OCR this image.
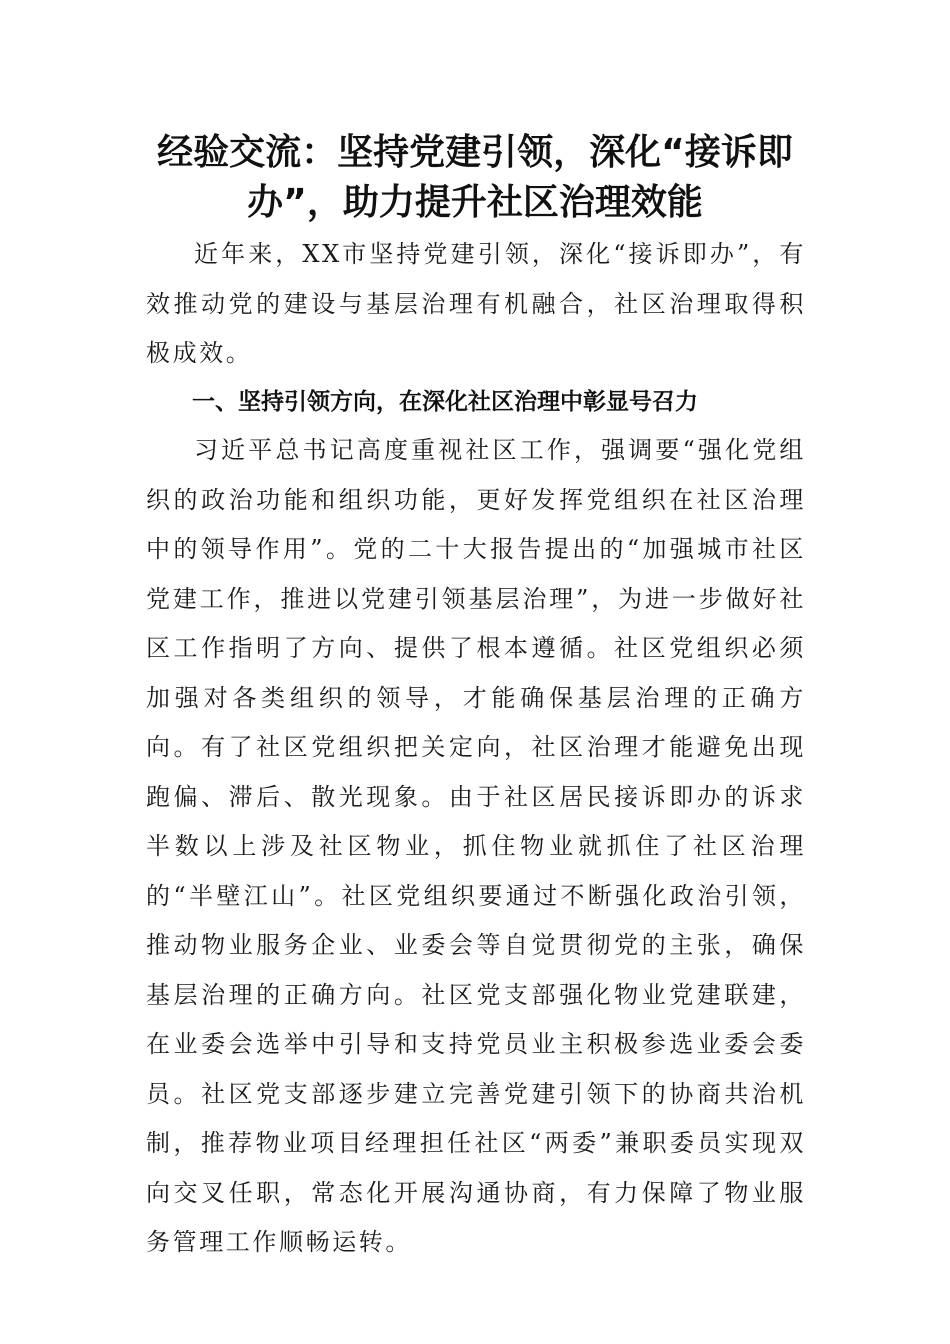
经验交流：坚持党建引领，深化“接诉即办”，助力提升社区治理效能

近年来，XX市坚持党建引领，深化“接诉即办”，有效推动党的建设与基层治理有机融合，社区治理取得积极成效。

一、坚持引领方向，在深化社区治理中彰显号召力

习近平总书记高度重视社区工作，强调要“强化党组织的政治功能和组织功能，更好发挥党组织在社区治理中的领导作用”。党的二十大报告提出的“加强城市社区党建工作，推进以党建引领基层治理”，为进一步做好社区工作指明了方向、提供了根本遵循。社区党组织必须加强对各类组织的领导，才能确保基层治理的正确方向。有了社区党组织把关定向，社区治理才能避免出现跑偏、滞后、散光现象。由于社区居民接诉即办的诉求半数以上涉及社区物业，抓住物业就抓住了社区治理的“半壁江山”。社区党组织要通过不断强化政治引领，推动物业服务企业、业委会等自觉贯彻党的主张，确保基层治理的正确方向。社区党支部强化物业党建联建，在业委会选举中引导和支持党员业主积极参选业委会委员。社区党支部逐步建立完善党建引领下的协商共治机制，推荐物业项目经理担任社区“两委”兼职委员实现双向交叉任职，常态化开展沟通协商，有力保障了物业服务管理工作顺畅运转。
